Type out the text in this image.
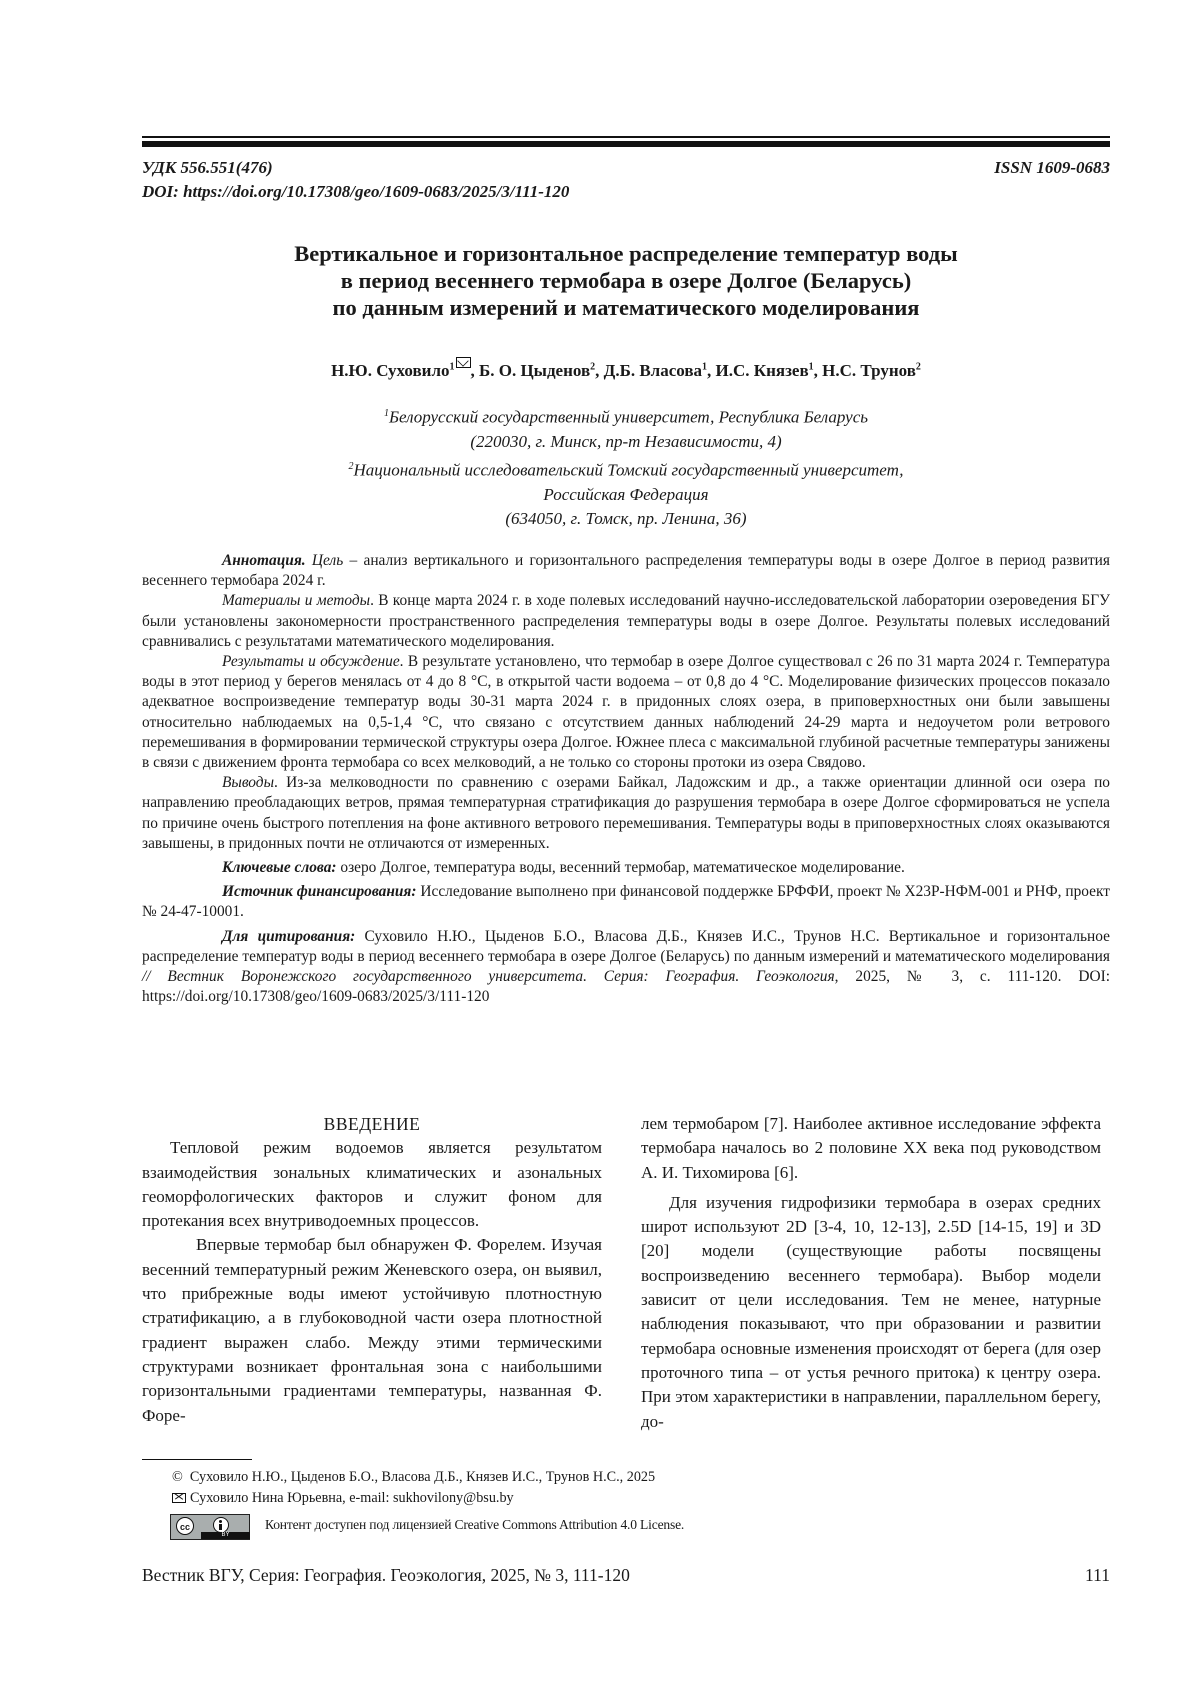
УДК 556.551(476)	ISSN 1609-0683
DOI: https://doi.org/10.17308/geo/1609-0683/2025/3/111-120
Вертикальное и горизонтальное распределение температур воды
в период весеннего термобара в озере Долгое (Беларусь)
по данным измерений и математического моделирования
Н.Ю. Суховило$^1$ , Б. О. Цыденов$^2$, Д.Б. Власова$^1$, И.С. Князев$^1$, Н.С. Трунов$^2$
$^1$Белорусский государственный университет, Республика Беларусь
(220030, г. Минск, пр-т Независимости, 4)
$^2$Национальный исследовательский Томский государственный университет,
Российская Федерация
(634050, г. Томск, пр. Ленина, 36)

Аннотация. Цель – анализ вертикального и горизонтального распределения температуры воды в озере Долгое в период развития весеннего термобара 2024 г.

Материалы и методы. В конце марта 2024 г. в ходе полевых исследований научно-исследовательской лаборатории озероведения БГУ были установлены закономерности пространственного распределения температуры воды в озере Долгое. Результаты полевых исследований сравнивались с результатами математического моделирования.

Результаты и обсуждение. В результате установлено, что термобар в озере Долгое существовал с 26 по 31 марта 2024 г. Температура воды в этот период у берегов менялась от 4 до 8 °С, в открытой части водоема – от 0,8 до 4 °С. Моделирование физических процессов показало адекватное воспроизведение температур воды 30-31 марта 2024 г. в придонных слоях озера, в приповерхностных они были завышены относительно наблюдаемых на 0,5-1,4 °С, что связано с отсутствием данных наблюдений 24-29 марта и недоучетом роли ветрового перемешивания в формировании термической структуры озера Долгое. Южнее плеса с максимальной глубиной расчетные температуры занижены в связи с движением фронта термобара со всех мелководий, а не только со стороны протоки из озера Свядово.

Выводы. Из-за мелководности по сравнению с озерами Байкал, Ладожским и др., а также ориентации длинной оси озера по направлению преобладающих ветров, прямая температурная стратификация до разрушения термобара в озере Долгое сформироваться не успела по причине очень быстрого потепления на фоне активного ветрового перемешивания. Температуры воды в приповерхностных слоях оказываются завышены, в придонных почти не отличаются от измеренных.

Ключевые слова: озеро Долгое, температура воды, весенний термобар, математическое моделирование.

Источник финансирования: Исследование выполнено при финансовой поддержке БРФФИ, проект № Х23Р-НФМ-001 и РНФ, проект № 24-47-10001.

Для цитирования: Суховило Н.Ю., Цыденов Б.О., Власова Д.Б., Князев И.С., Трунов Н.С. Вертикальное и горизонтальное распределение температур воды в период весеннего термобара в озере Долгое (Беларусь) по данным измерений и математического моделирования // Вестник Воронежского государственного университета. Серия: География. Геоэкология, 2025, № 3, с. 111-120. DOI: https://doi.org/10.17308/geo/1609-0683/2025/3/111-120

ВВЕДЕНИЕ

Тепловой режим водоемов является результатом взаимодействия зональных климатических и азональных геоморфологических факторов и служит фоном для протекания всех внутриводоемных процессов.

Впервые термобар был обнаружен Ф. Форелем. Изучая весенний температурный режим Женевского озера, он выявил, что прибрежные воды имеют устойчивую плотностную стратификацию, а в глубоководной части озера плотностной градиент выражен слабо. Между этими термическими структурами возникает фронтальная зона с наибольшими горизонтальными градиентами температуры, названная Ф. Форе-

лем термобаром [7]. Наиболее активное исследование эффекта термобара началось во 2 половине XX века под руководством А. И. Тихомирова [6].

Для изучения гидрофизики термобара в озерах средних широт используют 2D [3-4, 10, 12-13], 2.5D [14-15, 19] и 3D [20] модели (существующие работы посвящены воспроизведению весеннего термобара). Выбор модели зависит от цели исследования. Тем не менее, натурные наблюдения показывают, что при образовании и развитии термобара основные изменения происходят от берега (для озер проточного типа – от устья речного притока) к центру озера. При этом характеристики в направлении, параллельном берегу, до-

© Суховило Н.Ю., Цыденов Б.О., Власова Д.Б., Князев И.С., Трунов Н.С., 2025
Суховило Нина Юрьевна, e-mail: sukhovilony@bsu.by
cc
BY
Контент доступен под лицензией Creative Commons Attribution 4.0 License.
Вестник ВГУ, Серия: География. Геоэкология, 2025, № 3, 111-120	111
